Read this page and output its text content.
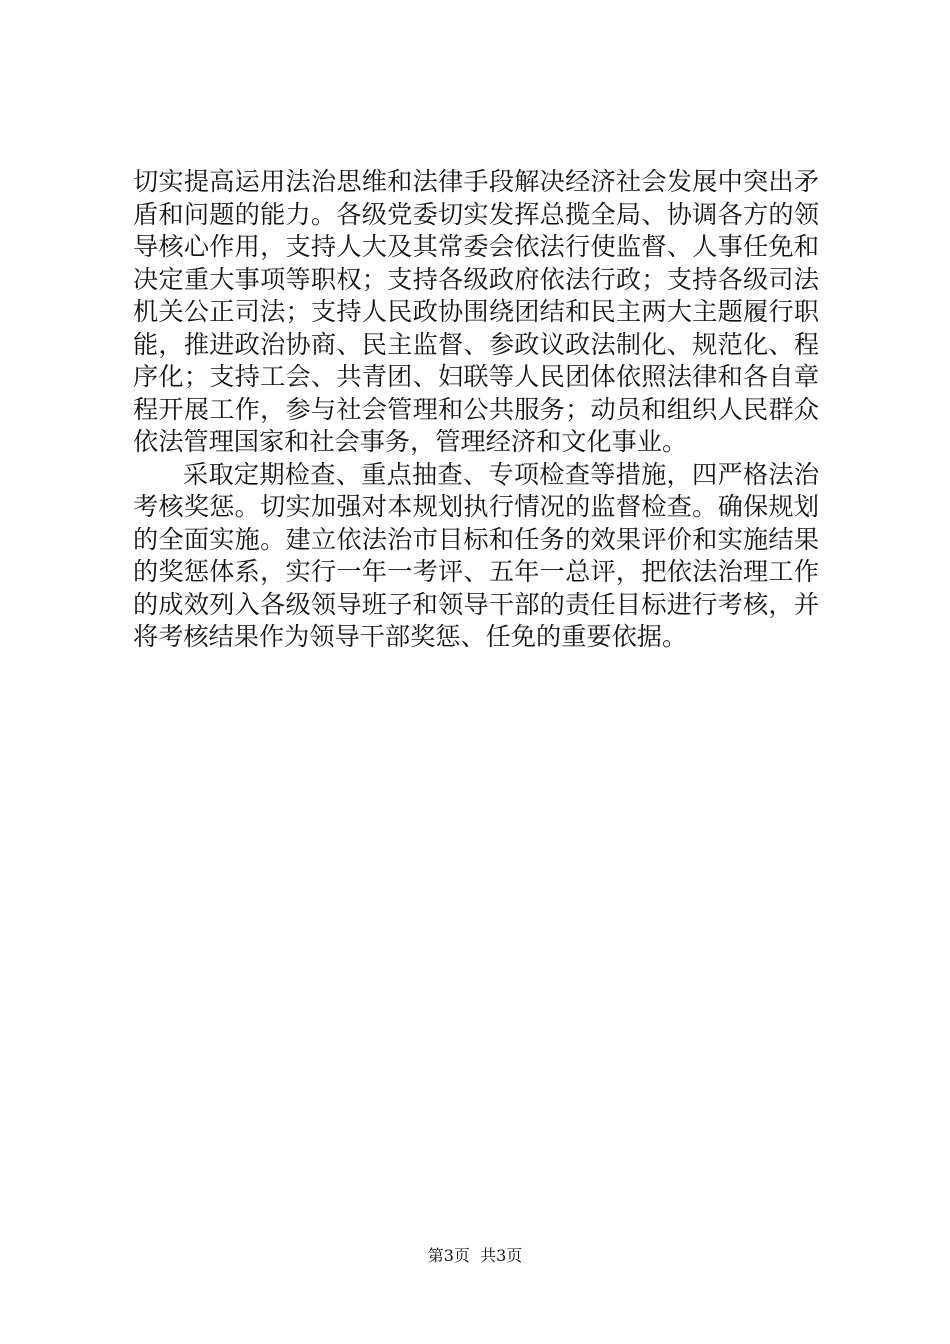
切实提高运用法治思维和法律手段解决经济社会发展中突出矛
盾和问题的能力。各级党委切实发挥总揽全局、协调各方的领
导核心作用，支持人大及其常委会依法行使监督、人事任免和
决定重大事项等职权；支持各级政府依法行政；支持各级司法
机关公正司法；支持人民政协围绕团结和民主两大主题履行职
能，推进政治协商、民主监督、参政议政法制化、规范化、程
序化；支持工会、共青团、妇联等人民团体依照法律和各自章
程开展工作，参与社会管理和公共服务；动员和组织人民群众
依法管理国家和社会事务，管理经济和文化事业。
采取定期检查、重点抽查、专项检查等措施，四严格法治
考核奖惩。切实加强对本规划执行情况的监督检查。确保规划
的全面实施。建立依法治市目标和任务的效果评价和实施结果
的奖惩体系，实行一年一考评、五年一总评，把依法治理工作
的成效列入各级领导班子和领导干部的责任目标进行考核，并
将考核结果作为领导干部奖惩、任免的重要依据。
第3页  共3页
